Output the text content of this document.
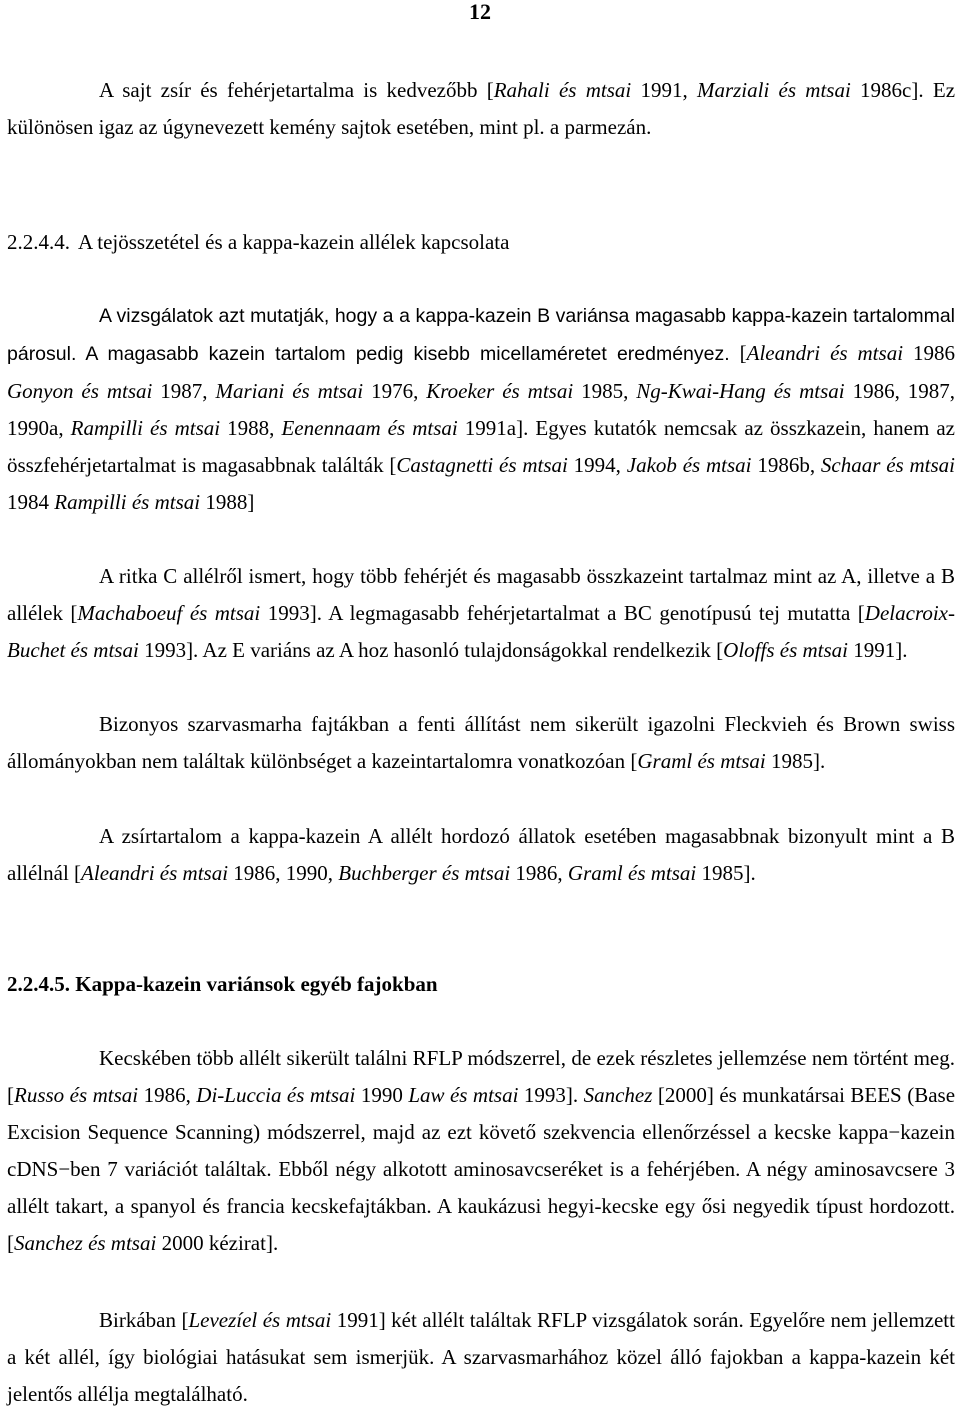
12
A sajt zsír és fehérjetartalma is kedvezőbb [Rahali és mtsai 1991, Marziali és mtsai 1986c]. Ez különösen igaz az úgynevezett kemény sajtok esetében, mint pl. a parmezán.
2.2.4.4. A tejösszetétel és a kappa-kazein allélek kapcsolata
A vizsgálatok azt mutatják, hogy a a kappa-kazein B variánsa magasabb kappa-kazein tartalommal párosul. A magasabb kazein tartalom pedig kisebb micellaméretet eredményez. [Aleandri és mtsai 1986 Gonyon és mtsai 1987, Mariani és mtsai 1976, Kroeker és mtsai 1985, Ng-Kwai-Hang és mtsai 1986, 1987, 1990a, Rampilli és mtsai 1988, Eenennaam és mtsai 1991a]. Egyes kutatók nemcsak az összkazein, hanem az összfehérjetartalmat is magasabbnak találták [Castagnetti és mtsai 1994, Jakob és mtsai 1986b, Schaar és mtsai 1984 Rampilli és mtsai 1988]
A ritka C allélről ismert, hogy több fehérjét és magasabb összkazeint tartalmaz mint az A, illetve a B allélek [Machaboeuf és mtsai 1993]. A legmagasabb fehérjetartalmat a BC genotípusú tej mutatta [Delacroix-Buchet és mtsai 1993]. Az E variáns az A hoz hasonló tulajdonságokkal rendelkezik [Oloffs és mtsai 1991].
Bizonyos szarvasmarha fajtákban a fenti állítást nem sikerült igazolni Fleckvieh és Brown swiss állományokban nem találtak különbséget a kazeintartalomra vonatkozóan [Graml és mtsai 1985].
A zsírtartalom a kappa-kazein A allélt hordozó állatok esetében magasabbnak bizonyult mint a B allélnál [Aleandri és mtsai 1986, 1990, Buchberger és mtsai 1986, Graml és mtsai 1985].
2.2.4.5. Kappa-kazein variánsok egyéb fajokban
Kecskében több allélt sikerült találni RFLP módszerrel, de ezek részletes jellemzése nem történt meg. [Russo és mtsai 1986, Di-Luccia és mtsai 1990 Law és mtsai 1993]. Sanchez [2000] és munkatársai BEES (Base Excision Sequence Scanning) módszerrel, majd az ezt követő szekvencia ellenőrzéssel a kecske kappa−kazein cDNS−ben 7 variációt találtak. Ebből négy alkotott aminosavcseréket is a fehérjében. A négy aminosavcsere 3 allélt takart, a spanyol és francia kecskefajtákban. A kaukázusi hegyi-kecske egy ősi negyedik típust hordozott.[Sanchez és mtsai 2000 kézirat].
Birkában [Levezíel és mtsai 1991] két allélt találtak RFLP vizsgálatok során. Egyelőre nem jellemzett a két allél, így biológiai hatásukat sem ismerjük. A szarvasmarhához közel álló fajokban a kappa-kazein két jelentős allélja megtalálható.
